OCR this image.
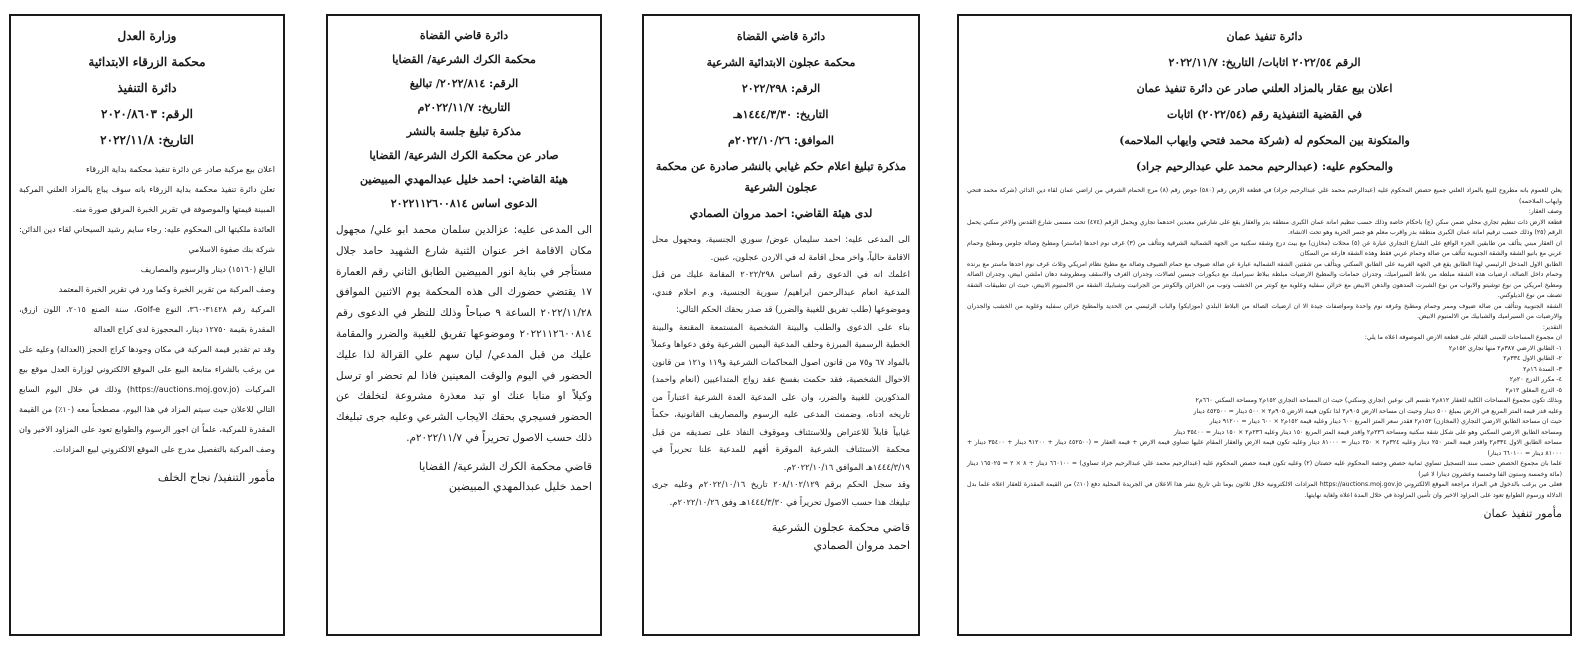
وزارة العدل
محكمة الزرقاء الابتدائية
دائرة التنفيذ
الرقم: ٢٠٢٠/٨٦٠٣
التاريخ: ٢٠٢٢/١١/٨

اعلان بيع مركبة صادر عن دائرة تنفيذ محكمة بداية الزرقاء

تعلن دائرة تنفيذ محكمة بداية الزرقاء بانه سوف يباع بالمزاد العلني المركبة المبينة قيمتها والموصوفة في تقرير الخبرة المرفق صورة منه.

العائدة ملكيتها الى المحكوم عليه: رجاء سايم رشيد السيحاني لقاء دين الدائن: شركة بنك صفوة الاسلامي

البالغ (١٥١٦٠) دينار والرسوم والمصاريف

وصف المركبة من تقرير الخبرة وكما ورد في تقرير الخبرة المعتمد

المركبة رقم ٣١٤٢٨-٣٦٠، النوع Golf-e، سنة الصنع ٢٠١٥، اللون ازرق، المقدرة بقيمة ١٢٧٥٠ دينار، المحجوزة لدى كراج العدالة

وقد تم تقدير قيمة المركبة في مكان وجودها كراج الحجز (العدالة) وعليه على من يرغب بالشراء متابعة البيع على الموقع الالكتروني لوزارة العدل موقع بيع المركبات (https://auctions.moj.gov.jo) وذلك في خلال اليوم السابع التالي للاعلان حيث سيتم المزاد في هذا اليوم، مصطحباً معه (١٠٪) من القيمة المقدرة للمركبة، علماً ان اجور الرسوم والطوابع تعود على المزاود الاخير وان وصف المركبة بالتفصيل مدرج على الموقع الالكتروني لبيع المزادات.

مأمور التنفيذ/ نجاح الخلف
دائرة قاضي القضاة
محكمة الكرك الشرعية/ القضايا
الرقم: ٢٠٢٢/٨١٤/ تباليغ
التاريخ: ٢٠٢٢/١١/٧م
مذكرة تبليغ جلسة بالنشر
صادر عن محكمة الكرك الشرعية/ القضايا
هيئة القاضي: احمد خليل عبدالمهدي المبيضين
الدعوى اساس ٢٠٢٢١١٢٦٠٠٨١٤

الى المدعى عليه: عزالدين سلمان محمد ابو علي/ مجهول مكان الاقامة اخر عنوان الثنية شارع الشهيد حامد جلال مستأجر في بناية انور المبيضين الطابق الثاني رقم العمارة ١٧ يقتضي حضورك الى هذه المحكمة يوم الاثنين الموافق ٢٠٢٢/١١/٢٨ الساعة ٩ صباحاً وذلك للنظر في الدعوى رقم ٢٠٢٢١١٢٦٠٠٨١٤ وموضوعها تفريق للغيبة والضرر والمقامة عليك من قبل المدعي/ ليان سهم علي القرالة لذا عليك الحضور في اليوم والوقت المعينين فاذا لم تحضر او ترسل وكيلاً او منابا عنك او تبد معذرة مشروعة لتخلفك عن الحضور فسيجري بحقك الايجاب الشرعي وعليه جرى تبليغك ذلك حسب الاصول تحريراً في ٢٠٢٢/١١/٧م.

قاضي محكمة الكرك الشرعية/ القضايا
احمد خليل عبدالمهدي المبيضين
دائرة قاضي القضاة
محكمة عجلون الابتدائية الشرعية
الرقم: ٢٠٢٢/٢٩٨
التاريخ: ١٤٤٤/٣/٣٠هـ
الموافق: ٢٠٢٢/١٠/٢٦م
مذكرة تبليغ اعلام حكم غيابي بالنشر صادرة عن محكمة عجلون الشرعية
لدى هيئة القاضي: احمد مروان الصمادي

الى المدعى عليه: احمد سليمان عوض/ سوري الجنسية، ومجهول محل الاقامة حالياً، واخر محل اقامة له في الاردن عجلون، عبين.

اعلمك انه في الدعوى رقم اساس ٢٠٢٢/٢٩٨ المقامة عليك من قبل المدعية انعام عبدالرحمن ابراهيم/ سورية الجنسية، و.م احلام فندي، وموضوعها (طلب تفريق للغيبة والضرر) قد صدر بحقك الحكم التالي:

بناء على الدعوى والطلب والبينة الشخصية المستمعة المقنعة والبينة الخطية الرسمية المبرزة وحلف المدعية اليمين الشرعية وفق دعواها وعملاً بالمواد ٦٧ و٧٥ من قانون اصول المحاكمات الشرعية و١١٩ و١٢١ من قانون الاحوال الشخصية، فقد حكمت بفسخ عقد زواج المتداعيين (انعام واحمد) المذكورين للغيبة والضرر، وان على المدعية العدة الشرعية اعتباراً من تاريخه ادناه، وضمنت المدعى عليه الرسوم والمصاريف القانونية، حكماً غيابياً قابلاً للاعتراض وللاستئناف وموقوف النفاذ على تصديقه من قبل محكمة الاستئناف الشرعية الموقرة أفهم للمدعية علنا تحريراً في ١٤٤٤/٣/١٩هـ الموافق ٢٠٢٢/١٠/١٦م.

وقد سجل الحكم برقم ٢٠٨/١٠٢/١٢٩ تاريخ ٢٠٢٢/١٠/١٦م وعليه جرى تبليغك هذا حسب الاصول تحريراً في ١٤٤٤/٣/٣٠هـ وفق ٢٠٢٢/١٠/٢٦م.

قاضي محكمة عجلون الشرعية
احمد مروان الصمادي
دائرة تنفيذ عمان
الرقم ٢٠٢٢/٥٤ اثابات/ التاريخ: ٢٠٢٢/١١/٧
اعلان بيع عقار بالمزاد العلني صادر عن دائرة تنفيذ عمان
في القضية التنفيذية رقم (٢٠٢٢/٥٤) اثابات
والمتكونة بين المحكوم له (شركة محمد فتحي وايهاب الملاحمه)
والمحكوم عليه: (عبدالرحيم محمد علي عبدالرحيم جراد)

يعلن للعموم بانه مطروح للبيع بالمزاد العلني جميع حصص المحكوم عليه (عبدالرحيم محمد علي عبدالرحيم جراد) في قطعة الارض رقم (٥٨٠) حوض رقم (٨) مرج الحمام الشرقي من اراضي عمان لقاء دين الدائن (شركة محمد فتحي وايهاب الملاحمه)

وصف العقار:

قطعة الارض ذات تنظيم تجاري محلي ضمن سكن (ج) باحكام خاصة وذلك حسب تنظيم امانة عمان الكبرى منطقة بدر والعقار يقع على شارعين معبدين احدهما تجاري ويحمل الرقم (٤٧٤) تحت مسمى شارع القدس والاخر سكني يحمل الرقم (٢٥) وذلك حسب ترقيم امانة عمان الكبرى منطقة بدر واقرب معلم هو جسر الحرية وهو تحت الانشاء.

ان العقار مبني يتألف من طابقين الجزء الواقع على الشارع التجاري عبارة عن (٥) محلات (مخازن) مع بيت درج وشقة سكنية من الجهة الشمالية الشرقية وتتألف من (٣) غرف نوم احدها (ماستر) ومطبخ وصالة جلوس ومطبخ وحمام عربي مع بانيو الشقة والشقة الجنوبية تتألف من صالة وحمام عربي فقط وهذه الشقة فارغة من السكان

الطابق الاول المدخل الرئيسي لهذا الطابق يقع في الجهة الغربية على الطابق السكني ويتألف من شقتين الشقة الشمالية عبارة عن صالة ضيوف مع حمام الضيوف وصالة مع مطبخ نظام امريكي وثلاث غرف نوم احدها ماستر مع برنده وحمام داخل الصالة، ارضيات هذه الشقة مبلطة من بلاط السيراميك، وجدران حمامات والمطبخ الارضيات مبلطة ببلاط سيراميك مع ديكورات جبسين لصالات، وجدران الغرف والاسقف ومطروشة دهان املشن ابيض، وجدران الصالة ومطبخ امريكي من نوع توشيتو والابواب من نوع الشبرت المدهون والدهن الابيض مع خزائن سفلية وعلوية مع كونتر من الخشب وتوب من الخزائن والكونتر من الجرانيت وشبابيك الشقة من الالمنيوم الابيض، حيث ان تطبيقات الشقة تصنف من نوع الديلوكس.

الشقة الجنوبية وتتألف من صالة ضيوف وممر وحمام ومطبخ وغرفة نوم واحدة ومواصفات جيدة الا ان ارضيات الصالة من البلاط البلدي (موزايكو) والباب الرئيسي من الحديد والمطبخ خزائن سفلية وعلوية من الخشب والجدران والارضيات من السيراميك والشبابيك من الالمنيوم الابيض.

التقدير:

ان مجموع المساحات للمبنى القائم على قطعة الارض الموصوفة اعلاه ما يلي:

١- الطابق الارضي ٣٨٧م٢ منها تجاري ١٥٢م٢

٢- الطابق الاول ٣٣٤م٢

٣- السدة ١٦م٢

٤- مكرر الدرج ٢٠م٢

٥- الدرج المغلق ١٢م٢

وبذلك تكون مجموع المساحات الكلية للعقار ٨١٢م٢ تقسم الى نوعين (تجاري وسكني) حيث ان المساحة التجاري ١٥٢م٢ ومساحة السكني ٦٦٠م٢

وعليه قدر قيمة المتر المربع في الارض بمبلغ ٥٠٠ دينار وحيث ان مساحة الارض ٩٠٥م٢ لذا تكون قيمة الارض ٩٠٥م٢ × ٥٠٠ دينار = ٤٥٢٥٠٠ دينار

حيث ان مساحة الطابق الارضي التجاري (المخازن) ١٥٢م٢ فقدر سعر المتر المربع ٦٠٠ دينار وعليه قيمة ١٥٢م٢ × ٦٠٠ دينار = ٩١٢٠٠ دينار

ومساحة الطابق الارضي السكني وهو على شكل شقة سكنية ومساحة ٢٣٦م٢ واقدر قيمة المتر المربع ١٥٠ دينار وعليه ٢٣٦م٢ × ١٥٠ دينار = ٣٥٤٠٠ دينار

مساحة الطابق الاول ٣٣٤م٢ واقدر قيمة المتر ٢٥٠ دينار وعليه ٣٢٤م٢ × ٢٥٠ دينار = ٨١٠٠٠ دينار وعليه تكون قيمة الارض والعقار المقام عليها تساوي قيمة الارض + قيمة العقار = (٤٥٢٥٠٠ دينار + ٩١٢٠٠ دينار + ٣٥٤٠٠ دينار + ٨١٠٠٠ دينار = ٦٦٠١٠٠ دينار)

علما بان مجموع الحصص حسب سند التسجيل تساوي ثمانية حصص وحصة المحكوم عليه حصتان (٢) وعليه تكون قيمة حصص المحكوم عليه (عبدالرحيم محمد علي عبدالرحيم جراد تساوي) = ٦٦٠١٠٠ دينار ÷ ٨ × ٢ = ١٦٥٠٢٥ دينار (مائة وخمسة وستون الفا وخمسة وعشرون دينارا لا غير)

فعلى من يرغب بالدخول في المزاد مراجعة الموقع الالكتروني https://auctions.moj.gov.jo المزادات الالكترونية خلال ثلاثون يوما تلي تاريخ نشر هذا الاعلان في الجريدة المحلية دفع (١٠٪) من القيمة المقدرة للعقار اعلاه علما بدل الدلالة ورسوم الطوابع تعود على المزاود الاخير وان تأمين المزاودة في خلال المدة اعلاه ولغاية نهايتها.

مأمور تنفيذ عمان
